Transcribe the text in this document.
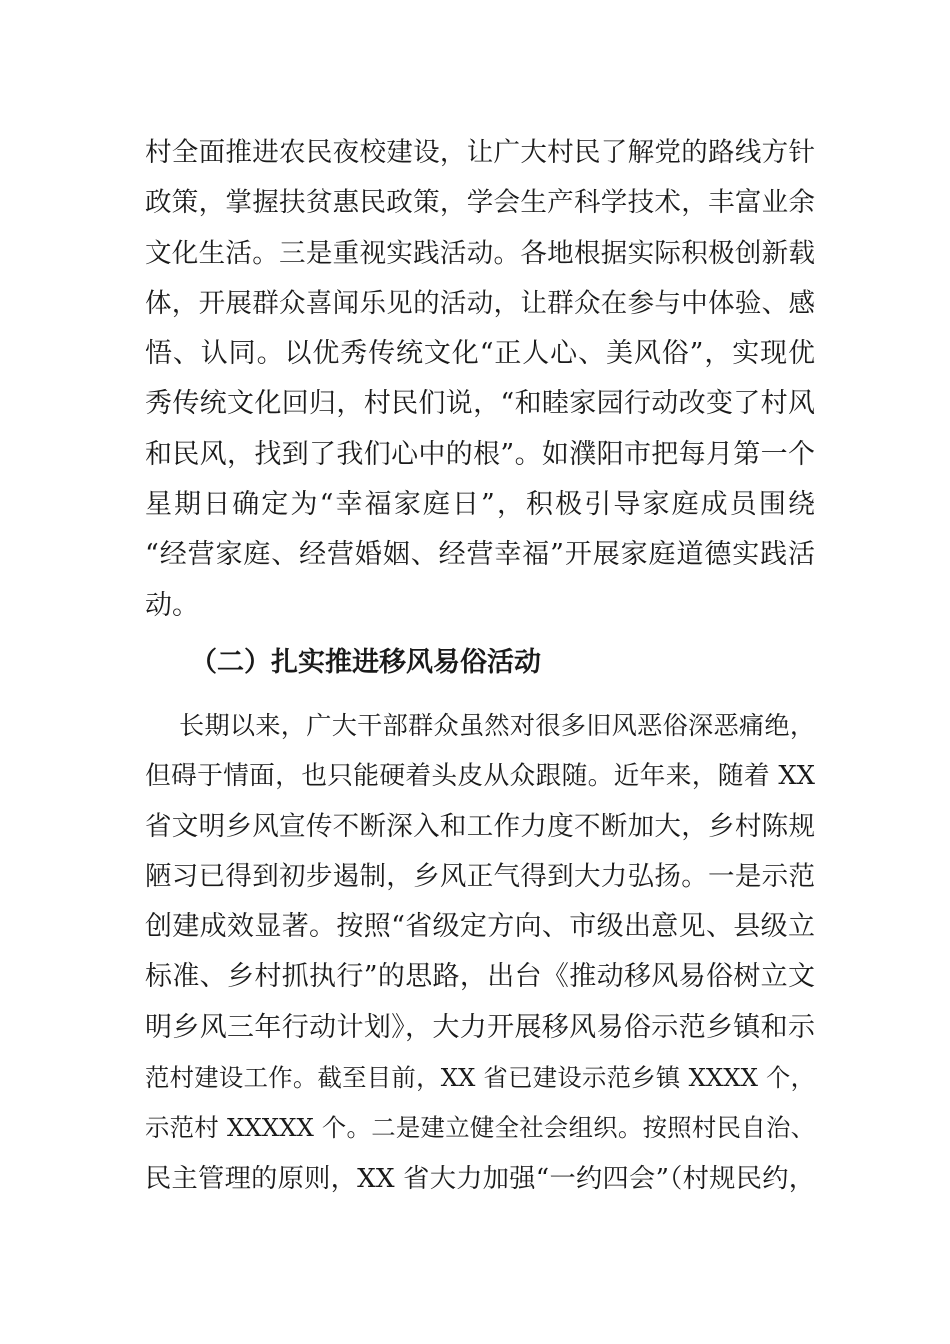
村全面推进农民夜校建设，让广大村民了解党的路线方针
政策，掌握扶贫惠民政策，学会生产科学技术，丰富业余
文化生活。三是重视实践活动。各地根据实际积极创新载
体，开展群众喜闻乐见的活动，让群众在参与中体验、感
悟、认同。以优秀传统文化“正人心、美风俗”，实现优
秀传统文化回归，村民们说，“和睦家园行动改变了村风
和民风，找到了我们心中的根”。如濮阳市把每月第一个
星期日确定为“幸福家庭日”，积极引导家庭成员围绕
“经营家庭、经营婚姻、经营幸福”开展家庭道德实践活
动。
（二）扎实推进移风易俗活动
长期以来，广大干部群众虽然对很多旧风恶俗深恶痛绝，
但碍于情面，也只能硬着头皮从众跟随。近年来，随着 XX
省文明乡风宣传不断深入和工作力度不断加大，乡村陈规
陋习已得到初步遏制，乡风正气得到大力弘扬。一是示范
创建成效显著。按照“省级定方向、市级出意见、县级立
标准、乡村抓执行”的思路，出台《推动移风易俗树立文
明乡风三年行动计划》，大力开展移风易俗示范乡镇和示
范村建设工作。截至目前，XX 省已建设示范乡镇 XXXX 个，
示范村 XXXXX 个。二是建立健全社会组织。按照村民自治、
民主管理的原则，XX 省大力加强“一约四会”（村规民约，
